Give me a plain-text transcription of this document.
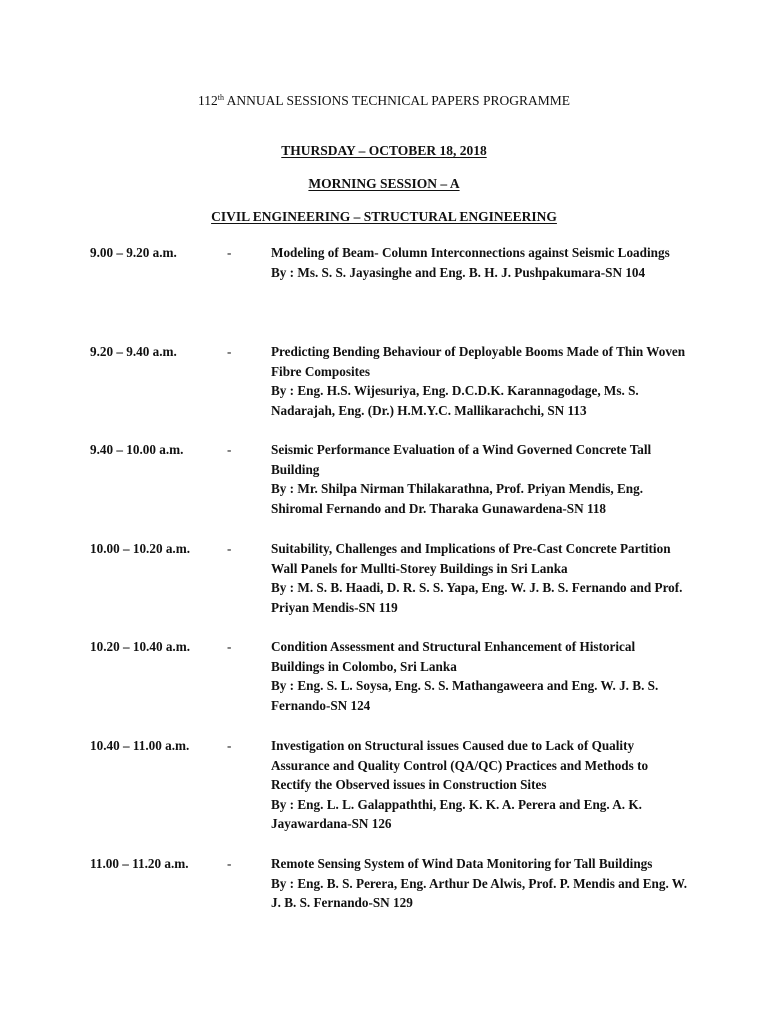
112th ANNUAL SESSIONS TECHNICAL PAPERS PROGRAMME
THURSDAY – OCTOBER 18, 2018
MORNING SESSION – A
CIVIL ENGINEERING – STRUCTURAL ENGINEERING
9.00 – 9.20 a.m.	-	Modeling of Beam- Column Interconnections against Seismic Loadings
By : Ms. S. S. Jayasinghe and Eng. B. H. J. Pushpakumara-SN 104
9.20 – 9.40 a.m.	-	Predicting Bending Behaviour of Deployable Booms Made of Thin Woven Fibre Composites
By : Eng. H.S. Wijesuriya, Eng. D.C.D.K. Karannagodage, Ms. S. Nadarajah, Eng. (Dr.) H.M.Y.C. Mallikarachchi, SN 113
9.40 – 10.00 a.m.	-	Seismic Performance Evaluation of a Wind Governed Concrete Tall Building
By : Mr. Shilpa Nirman Thilakarathna, Prof. Priyan Mendis, Eng. Shiromal Fernando and Dr. Tharaka Gunawardena-SN 118
10.00 – 10.20 a.m.	-	Suitability, Challenges and Implications of Pre-Cast Concrete Partition Wall Panels for Mullti-Storey Buildings in Sri Lanka
By : M. S. B. Haadi, D. R. S. S. Yapa, Eng. W. J. B. S. Fernando and Prof. Priyan Mendis-SN 119
10.20 – 10.40 a.m.	-	Condition Assessment and Structural Enhancement of Historical Buildings in Colombo, Sri Lanka
By : Eng. S. L. Soysa, Eng. S. S. Mathangaweera and Eng. W. J. B. S. Fernando-SN 124
10.40 – 11.00 a.m.	-	Investigation on Structural issues Caused due to Lack of Quality Assurance and Quality Control (QA/QC) Practices and Methods to Rectify the Observed issues in Construction Sites
By : Eng. L. L. Galappaththi, Eng. K. K. A. Perera and Eng. A. K. Jayawardana-SN 126
11.00 – 11.20 a.m.	-	Remote Sensing System of Wind Data Monitoring for Tall Buildings
By : Eng. B. S. Perera, Eng. Arthur De Alwis, Prof. P. Mendis and Eng. W. J. B. S. Fernando-SN 129
